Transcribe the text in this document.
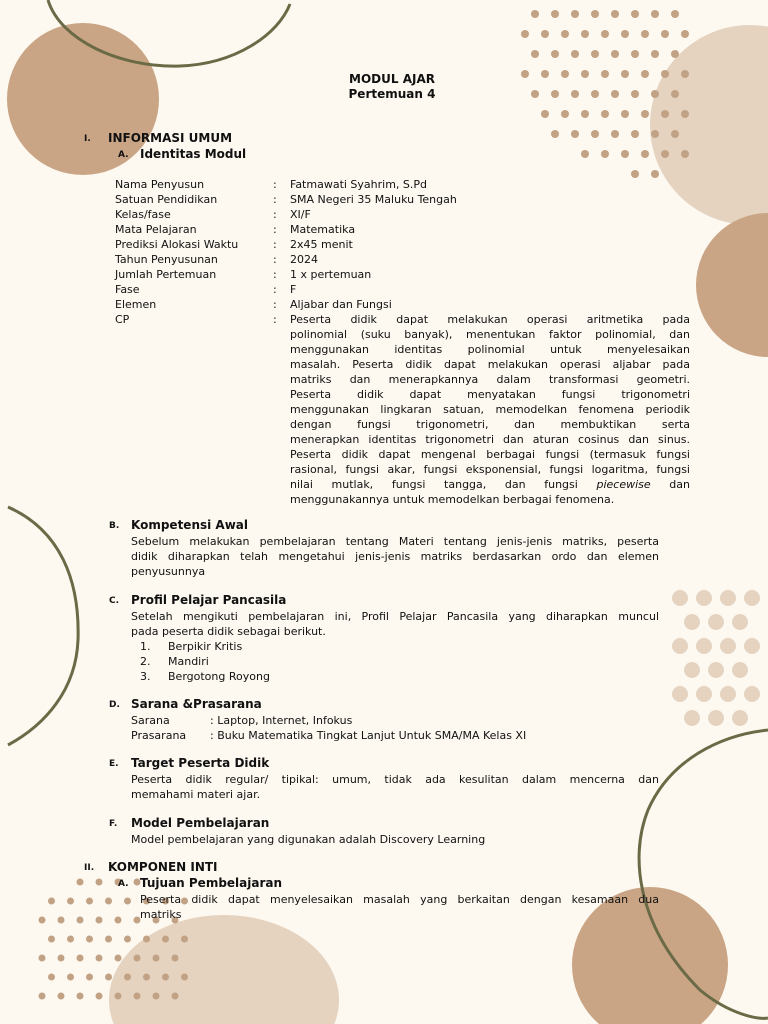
MODUL AJAR
Pertemuan 4
I. INFORMASI UMUM
A. Identitas Modul
Nama Penyusun	: Fatmawati Syahrim, S.Pd
Satuan Pendidikan	: SMA Negeri 35 Maluku Tengah
Kelas/fase	: XI/F
Mata Pelajaran	: Matematika
Prediksi Alokasi Waktu	: 2x45 menit
Tahun Penyusunan	: 2024
Jumlah Pertemuan	: 1 x pertemuan
Fase	: F
Elemen	: Aljabar dan Fungsi
CP	: Peserta didik dapat melakukan operasi aritmetika pada
polinomial (suku banyak), menentukan faktor polinomial, dan
menggunakan identitas polinomial untuk menyelesaikan
masalah. Peserta didik dapat melakukan operasi aljabar pada
matriks dan menerapkannya dalam transformasi geometri.
Peserta didik dapat menyatakan fungsi trigonometri
menggunakan lingkaran satuan, memodelkan fenomena periodik
dengan fungsi trigonometri, dan membuktikan serta
menerapkan identitas trigonometri dan aturan cosinus dan sinus.
Peserta didik dapat mengenal berbagai fungsi (termasuk fungsi
rasional, fungsi akar, fungsi eksponensial, fungsi logaritma, fungsi
nilai mutlak, fungsi tangga, dan fungsi piecewise dan
menggunakannya untuk memodelkan berbagai fenomena.
B. Kompetensi Awal
Sebelum melakukan pembelajaran tentang Materi tentang jenis-jenis matriks, peserta
didik diharapkan telah mengetahui jenis-jenis matriks berdasarkan ordo dan elemen
penyusunnya
C. Profil Pelajar Pancasila
Setelah mengikuti pembelajaran ini, Profil Pelajar Pancasila yang diharapkan muncul
pada peserta didik sebagai berikut.
1. Berpikir Kritis
2. Mandiri
3. Bergotong Royong
D. Sarana &Prasarana
Sarana	: Laptop, Internet, Infokus
Prasarana : Buku Matematika Tingkat Lanjut Untuk SMA/MA Kelas XI
E. Target Peserta Didik
Peserta didik regular/ tipikal: umum, tidak ada kesulitan dalam mencerna dan
memahami materi ajar.
F. Model Pembelajaran
Model pembelajaran yang digunakan adalah Discovery Learning
II. KOMPONEN INTI
A. Tujuan Pembelajaran
Peserta didik dapat menyelesaikan masalah yang berkaitan dengan kesamaan dua
matriks
